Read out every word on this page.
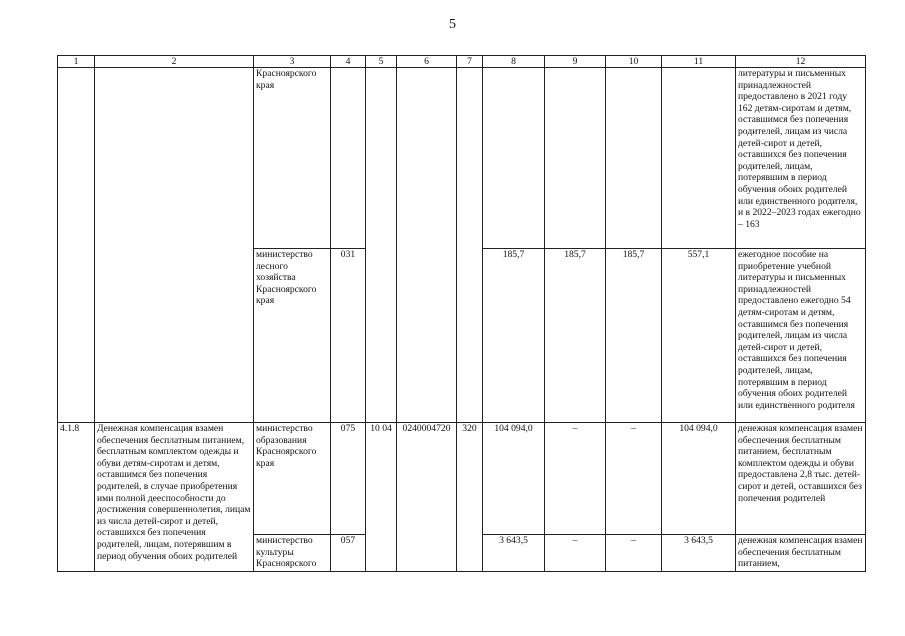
5
1	2	3	4	5	6	7	8	9	10	11	12
		Красноярского края									литературы и письменных принадлежностей предоставлено в 2021 году 162 детям-сиротам и детям, оставшимся без попечения родителей, лицам из числа детей-сирот и детей, оставшихся без попечения родителей, лицам, потерявшим в период обучения обоих родителей или единственного родителя, и в 2022–2023 годах ежегодно – 163
		министерство лесного хозяйства Красноярского края	031				185,7	185,7	185,7	557,1	ежегодное пособие на приобретение учебной литературы и письменных принадлежностей предоставлено ежегодно 54 детям-сиротам и детям, оставшимся без попечения родителей, лицам из числа детей-сирот и детей, оставшихся без попечения родителей, лицам, потерявшим в период обучения обоих родителей или единственного родителя
4.1.8	Денежная компенсация взамен обеспечения бесплатным питанием, бесплатным комплектом одежды и обуви детям-сиротам и детям, оставшимся без попечения родителей, в случае приобретения ими полной дееспособности до достижения совершеннолетия, лицам из числа детей-сирот и детей, оставшихся без попечения родителей, лицам, потерявшим в период обучения обоих родителей	министерство образования Красноярского края	075	10 04	0240004720	320	104 094,0	–	–	104 094,0	денежная компенсация взамен обеспечения бесплатным питанием, бесплатным комплектом одежды и обуви предоставлена 2,8 тыс. детей-сирот и детей, оставшихся без попечения родителей
		министерство культуры Красноярского	057				3 643,5	–	–	3 643,5	денежная компенсация взамен обеспечения бесплатным питанием,
